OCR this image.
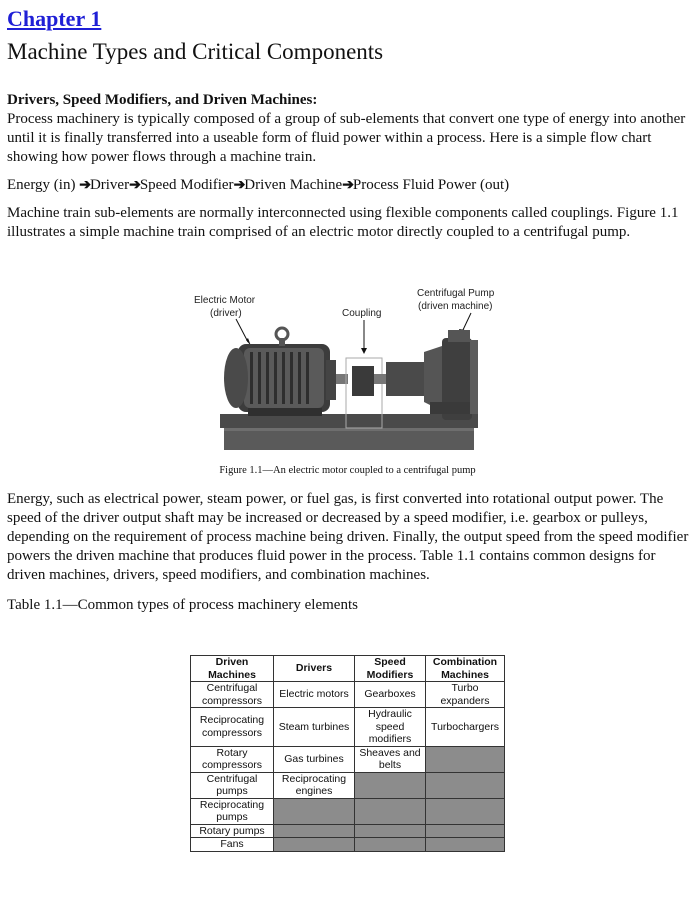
Chapter 1
Machine Types and Critical Components
Drivers, Speed Modifiers, and Driven Machines:

Process machinery is typically composed of a group of sub-elements that convert one type of energy into another until it is finally transferred into a useable form of fluid power within a process. Here is a simple flow chart showing how power flows through a machine train.

Energy (in) ➔Driver➔Speed Modifier➔Driven Machine➔Process Fluid Power (out)

Machine train sub-elements are normally interconnected using flexible components called couplings. Figure 1.1 illustrates a simple machine train comprised of an electric motor directly coupled to a centrifugal pump.

Electric Motor
(driver)	Coupling
Centrifugal Pump
(driven machine)
Figure 1.1—An electric motor coupled to a centrifugal pump

Energy, such as electrical power, steam power, or fuel gas, is first converted into rotational output power. The speed of the driver output shaft may be increased or decreased by a speed modifier, i.e. gearbox or pulleys, depending on the requirement of process machine being driven. Finally, the output speed from the speed modifier powers the driven machine that produces fluid power in the process. Table 1.1 contains common designs for driven machines, drivers, speed modifiers, and combination machines.

Table 1.1—Common types of process machinery elements

Driven Machines	Drivers	Speed Modifiers	Combination Machines
Centrifugal compressors	Electric motors	Gearboxes	Turbo expanders
Reciprocating compressors	Steam turbines	Hydraulic speed modifiers	Turbochargers
Rotary compressors	Gas turbines	Sheaves and belts	
Centrifugal pumps	Reciprocating engines		
Reciprocating pumps			
Rotary pumps			
Fans			
